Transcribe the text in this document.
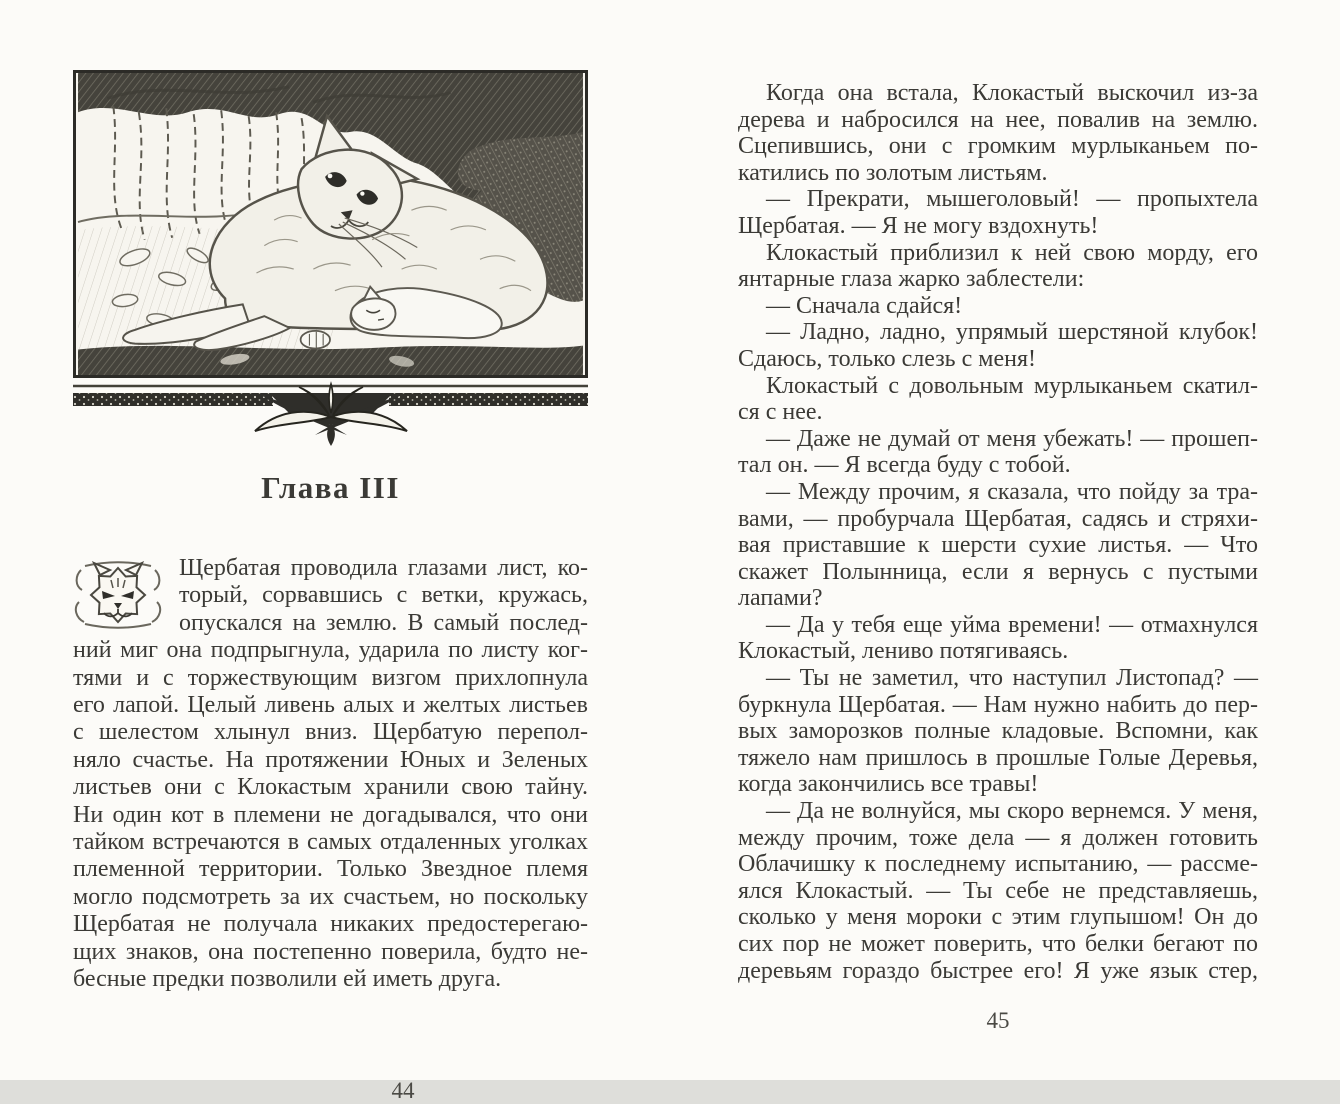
Глава III
Щербатая проводила глазами лист, ко-
торый, сорвавшись с ветки, кружась,
опускался на землю. В самый послед-
ний миг она подпрыгнула, ударила по листу ког-
тями и с торжествующим визгом прихлопнула
его лапой. Целый ливень алых и желтых листьев
с шелестом хлынул вниз. Щербатую перепол-
няло счастье. На протяжении Юных и Зеленых
листьев они с Клокастым хранили свою тайну.
Ни один кот в племени не догадывался, что они
тайком встречаются в самых отдаленных уголках
племенной территории. Только Звездное племя
могло подсмотреть за их счастьем, но поскольку
Щербатая не получала никаких предостерегаю-
щих знаков, она постепенно поверила, будто не-
бесные предки позволили ей иметь друга.
44
Когда она встала, Клокастый выскочил из-за
дерева и набросился на нее, повалив на землю.
Сцепившись, они с громким мурлыканьем по-
катились по золотым листьям.
— Прекрати, мышеголовый! — пропыхтела
Щербатая. — Я не могу вздохнуть!
Клокастый приблизил к ней свою морду, его
янтарные глаза жарко заблестели:
— Сначала сдайся!
— Ладно, ладно, упрямый шерстяной клубок!
Сдаюсь, только слезь с меня!
Клокастый с довольным мурлыканьем скатил-
ся с нее.
— Даже не думай от меня убежать! — прошеп-
тал он. — Я всегда буду с тобой.
— Между прочим, я сказала, что пойду за тра-
вами, — пробурчала Щербатая, садясь и стряхи-
вая приставшие к шерсти сухие листья. — Что
скажет Полынница, если я вернусь с пустыми
лапами?
— Да у тебя еще уйма времени! — отмахнулся
Клокастый, лениво потягиваясь.
— Ты не заметил, что наступил Листопад? —
буркнула Щербатая. — Нам нужно набить до пер-
вых заморозков полные кладовые. Вспомни, как
тяжело нам пришлось в прошлые Голые Деревья,
когда закончились все травы!
— Да не волнуйся, мы скоро вернемся. У меня,
между прочим, тоже дела — я должен готовить
Облачишку к последнему испытанию, — рассме-
ялся Клокастый. — Ты себе не представляешь,
сколько у меня мороки с этим глупышом! Он до
сих пор не может поверить, что белки бегают по
деревьям гораздо быстрее его! Я уже язык стер,
45
